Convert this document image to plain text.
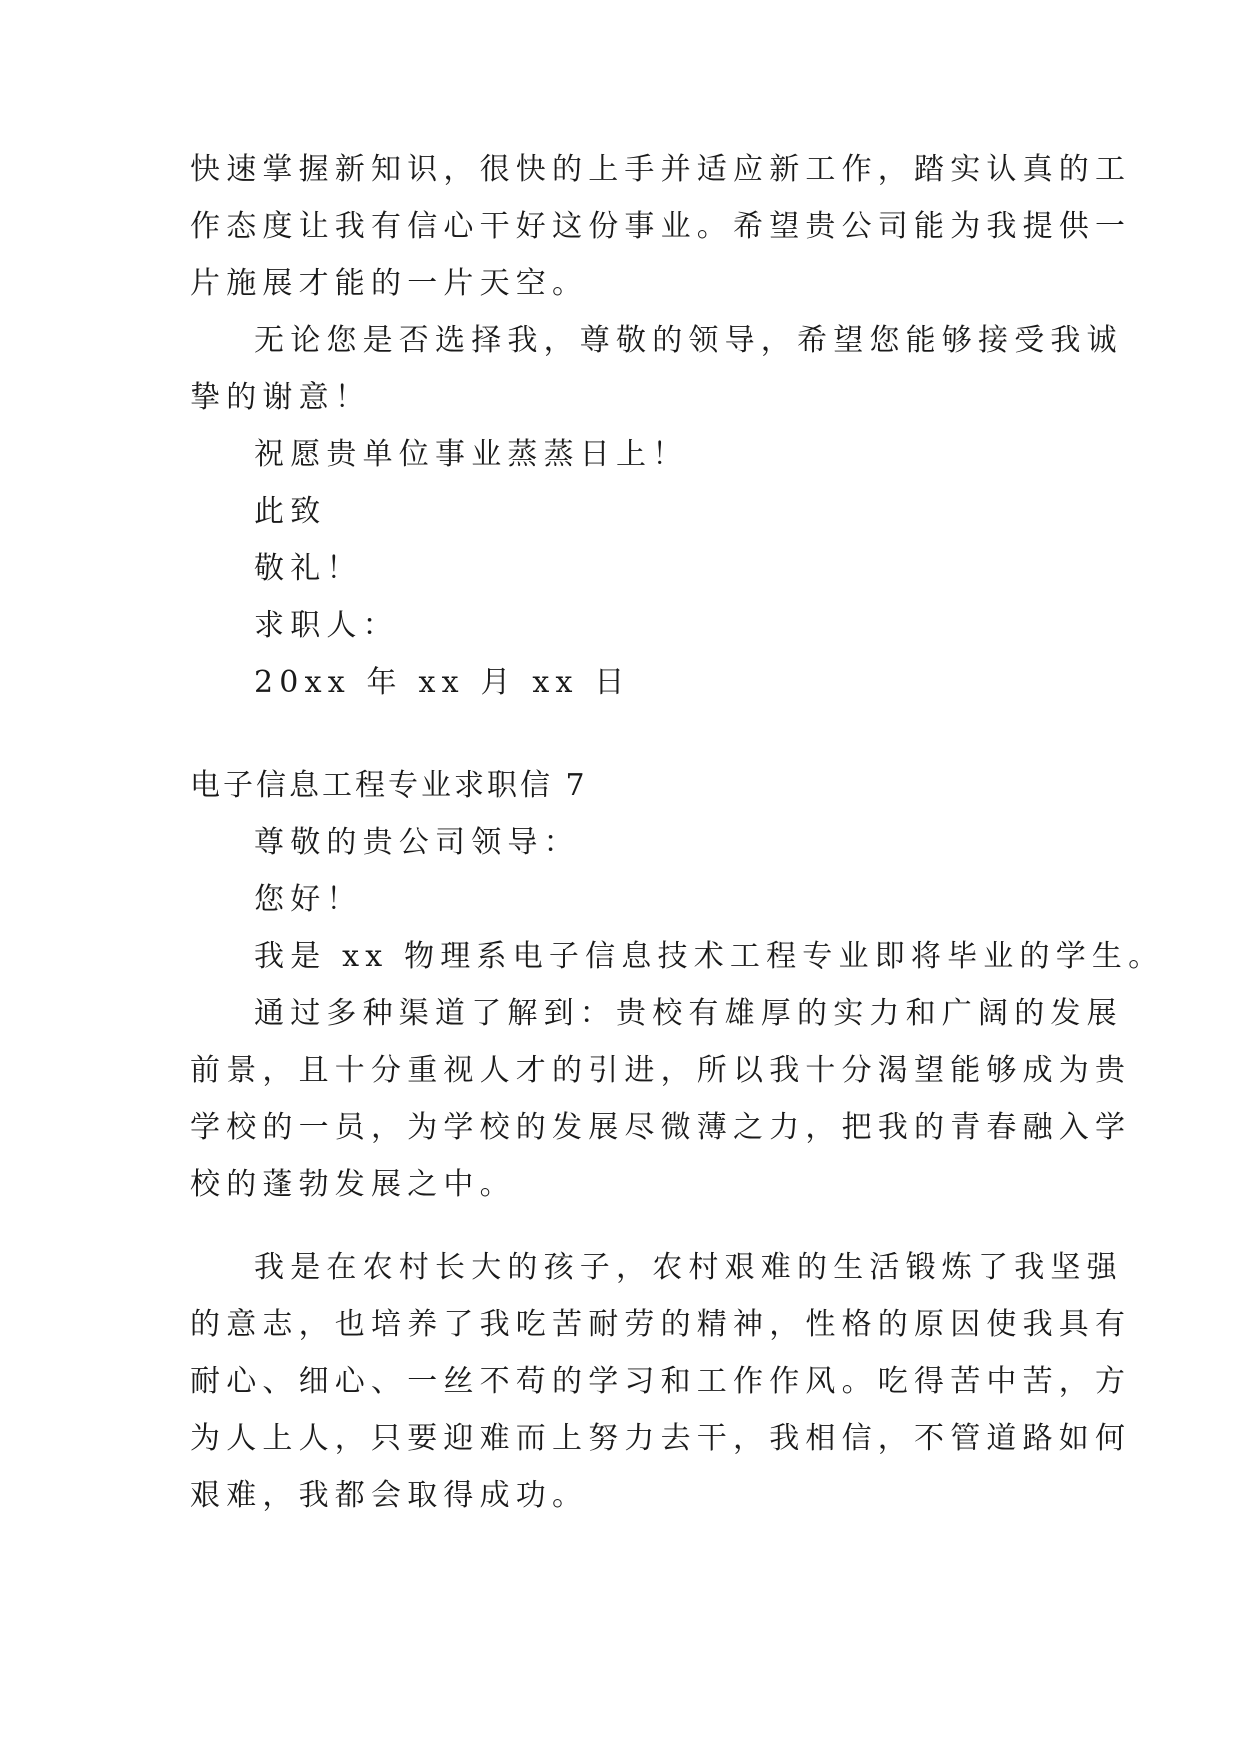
快速掌握新知识，很快的上手并适应新工作，踏实认真的工
作态度让我有信心干好这份事业。希望贵公司能为我提供一
片施展才能的一片天空。
无论您是否选择我，尊敬的领导，希望您能够接受我诚
挚的谢意！
祝愿贵单位事业蒸蒸日上！
此致
敬礼！
求职人：
20xx 年 xx 月 xx 日
电子信息工程专业求职信 7
尊敬的贵公司领导：
您好！
我是 xx 物理系电子信息技术工程专业即将毕业的学生。
通过多种渠道了解到：贵校有雄厚的实力和广阔的发展
前景，且十分重视人才的引进，所以我十分渴望能够成为贵
学校的一员，为学校的发展尽微薄之力，把我的青春融入学
校的蓬勃发展之中。
我是在农村长大的孩子，农村艰难的生活锻炼了我坚强
的意志，也培养了我吃苦耐劳的精神，性格的原因使我具有
耐心、细心、一丝不苟的学习和工作作风。吃得苦中苦，方
为人上人，只要迎难而上努力去干，我相信，不管道路如何
艰难，我都会取得成功。
